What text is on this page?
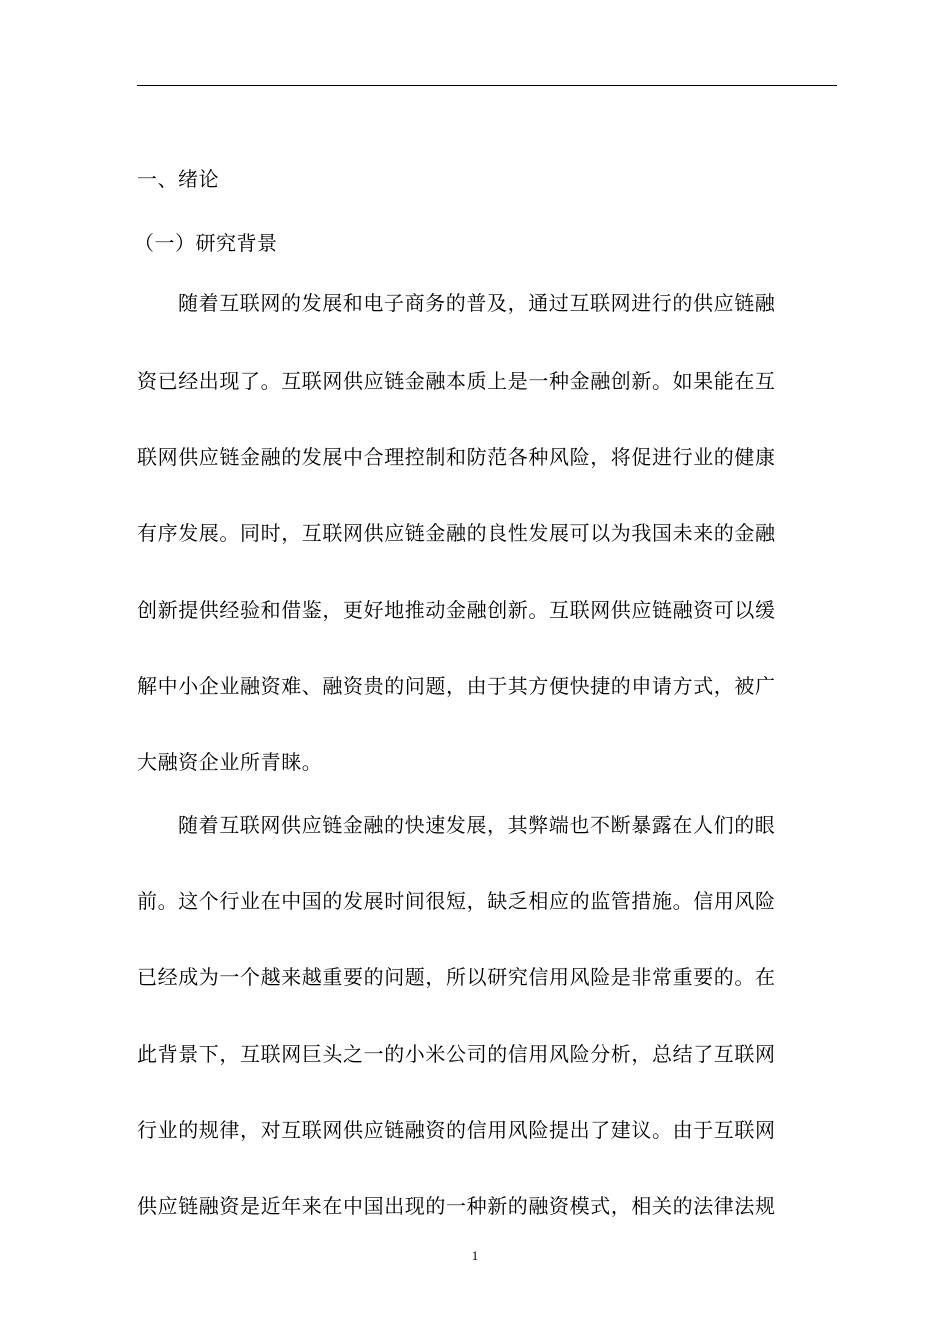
一、绪论
（一）研究背景
随着互联网的发展和电子商务的普及，通过互联网进行的供应链融
资已经出现了。互联网供应链金融本质上是一种金融创新。如果能在互
联网供应链金融的发展中合理控制和防范各种风险，将促进行业的健康
有序发展。同时，互联网供应链金融的良性发展可以为我国未来的金融
创新提供经验和借鉴，更好地推动金融创新。互联网供应链融资可以缓
解中小企业融资难、融资贵的问题，由于其方便快捷的申请方式，被广
大融资企业所青睐。
随着互联网供应链金融的快速发展，其弊端也不断暴露在人们的眼
前。这个行业在中国的发展时间很短，缺乏相应的监管措施。信用风险
已经成为一个越来越重要的问题，所以研究信用风险是非常重要的。在
此背景下，互联网巨头之一的小米公司的信用风险分析，总结了互联网
行业的规律，对互联网供应链融资的信用风险提出了建议。由于互联网
供应链融资是近年来在中国出现的一种新的融资模式，相关的法律法规
1
